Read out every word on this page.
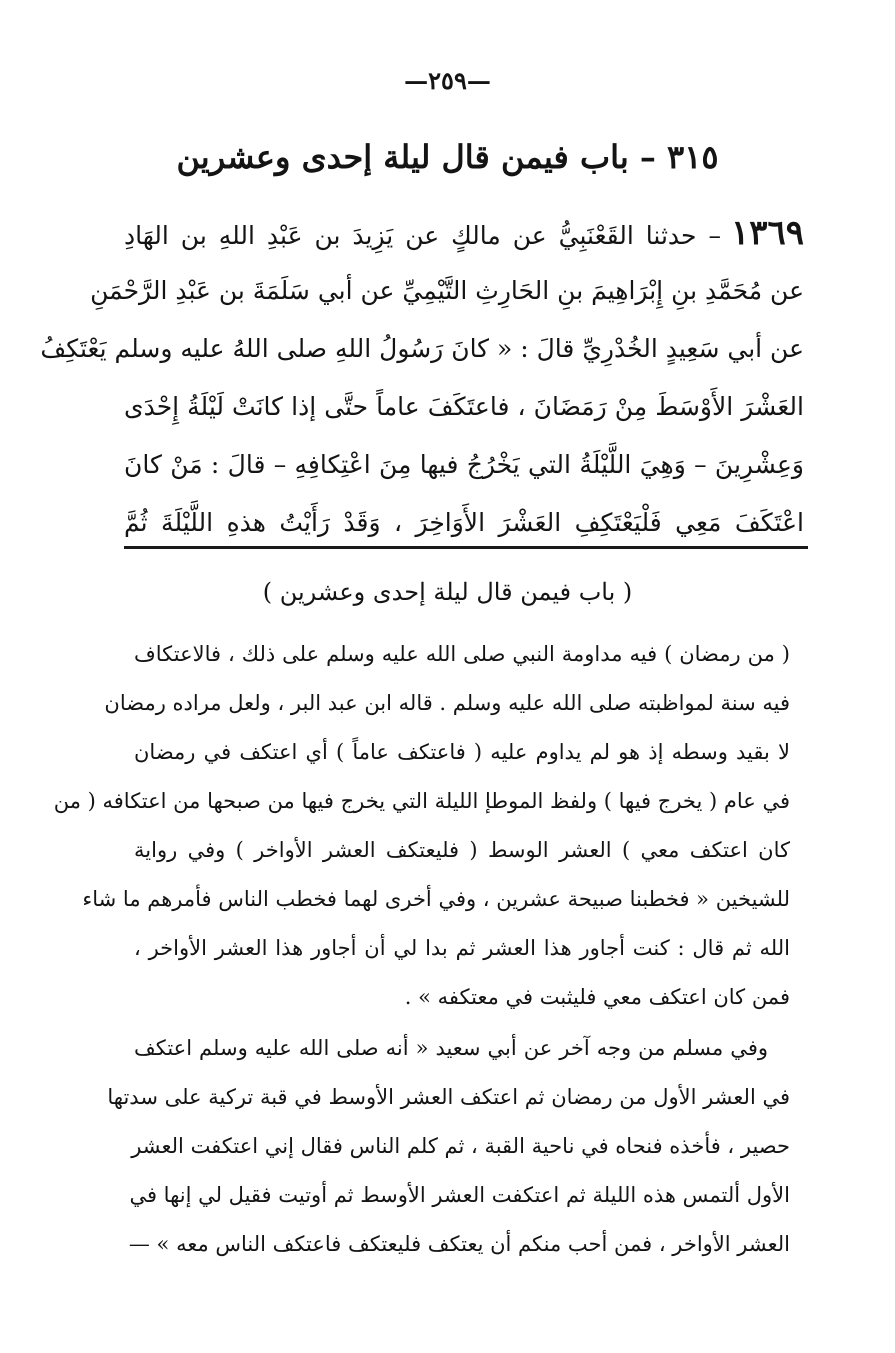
—٢٥٩—
٣١٥ – باب فيمن قال ليلة إحدى وعشرين
١٣٦٩– حدثنا القَعْنَبِيُّ عن مالكٍ عن يَزِيدَ بن عَبْدِ اللهِ بن الهَادِ
عن مُحَمَّدِ بنِ إِبْرَاهِيمَ بنِ الحَارِثِ التَّيْمِيِّ عن أبي سَلَمَةَ بن عَبْدِ الرَّحْمَنِ
عن أبي سَعِيدٍ الخُدْرِيِّ قالَ : « كانَ رَسُولُ اللهِ صلى اللهُ عليه وسلم يَعْتَكِفُ
العَشْرَ الأَوْسَطَ مِنْ رَمَضَانَ ، فاعتَكَفَ عاماً حتَّى إذا كانَتْ لَيْلَةُ إِحْدَى
وَعِشْرِينَ – وَهِيَ اللَّيْلَةُ التي يَخْرُجُ فيها مِنَ اعْتِكافِهِ – قالَ : مَنْ كانَ
اعْتَكَفَ مَعِي فَلْيَعْتَكِفِ العَشْرَ الأَوَاخِرَ ، وَقَدْ رَأَيْتُ هذهِ اللَّيْلَةَ ثُمَّ
( باب فيمن قال ليلة إحدى وعشرين )
( من رمضان ) فيه مداومة النبي صلى الله عليه وسلم على ذلك ، فالاعتكاف
فيه سنة لمواظبته صلى الله عليه وسلم . قاله ابن عبد البر ، ولعل مراده رمضان
لا بقيد وسطه إذ هو لم يداوم عليه ( فاعتكف عاماً ) أي اعتكف في رمضان
في عام ( يخرج فيها ) ولفظ الموطإ الليلة التي يخرج فيها من صبحها من اعتكافه ( من
كان اعتكف معي ) العشر الوسط ( فليعتكف العشر الأواخر ) وفي رواية
للشيخين « فخطبنا صبيحة عشرين ، وفي أخرى لهما فخطب الناس فأمرهم ما شاء
الله ثم قال : كنت أجاور هذا العشر ثم بدا لي أن أجاور هذا العشر الأواخر ،
فمن كان اعتكف معي فليثبت في معتكفه » .
وفي مسلم من وجه آخر عن أبي سعيد « أنه صلى الله عليه وسلم اعتكف
في العشر الأول من رمضان ثم اعتكف العشر الأوسط في قبة تركية على سدتها
حصير ، فأخذه فنحاه في ناحية القبة ، ثم كلم الناس فقال إني اعتكفت العشر
الأول ألتمس هذه الليلة ثم اعتكفت العشر الأوسط ثم أوتيت فقيل لي إنها في
العشر الأواخر ، فمن أحب منكم أن يعتكف فليعتكف فاعتكف الناس معه » —
